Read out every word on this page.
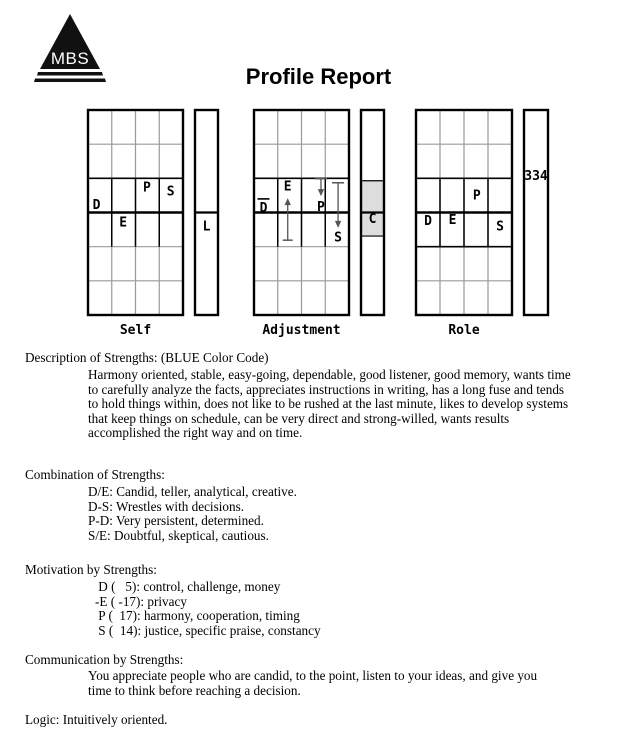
MBS
Profile Report
D
P S
E
Self
D
E
P
S
Adjustment
P
D E	S
Role
L	C
334
Description of Strengths: (BLUE Color Code)
Harmony oriented, stable, easy-going, dependable, good listener, good memory, wants time to carefully analyze the facts, appreciates instructions in writing, has a long fuse and tends to hold things within, does not like to be rushed at the last minute, likes to develop systems that keep things on schedule, can be very direct and strong-willed, wants results accomplished the right way and on time.
Combination of Strengths:
D/E: Candid, teller, analytical, creative.
D-S: Wrestles with decisions.
P-D: Very persistent, determined.
S/E: Doubtful, skeptical, cautious.
Motivation by Strengths:
D (   5): control, challenge, money
-E ( -17): privacy
P (  17): harmony, cooperation, timing
S (  14): justice, specific praise, constancy
Communication by Strengths:
You appreciate people who are candid, to the point, listen to your ideas, and give you time to think before reaching a decision.
Logic: Intuitively oriented.
